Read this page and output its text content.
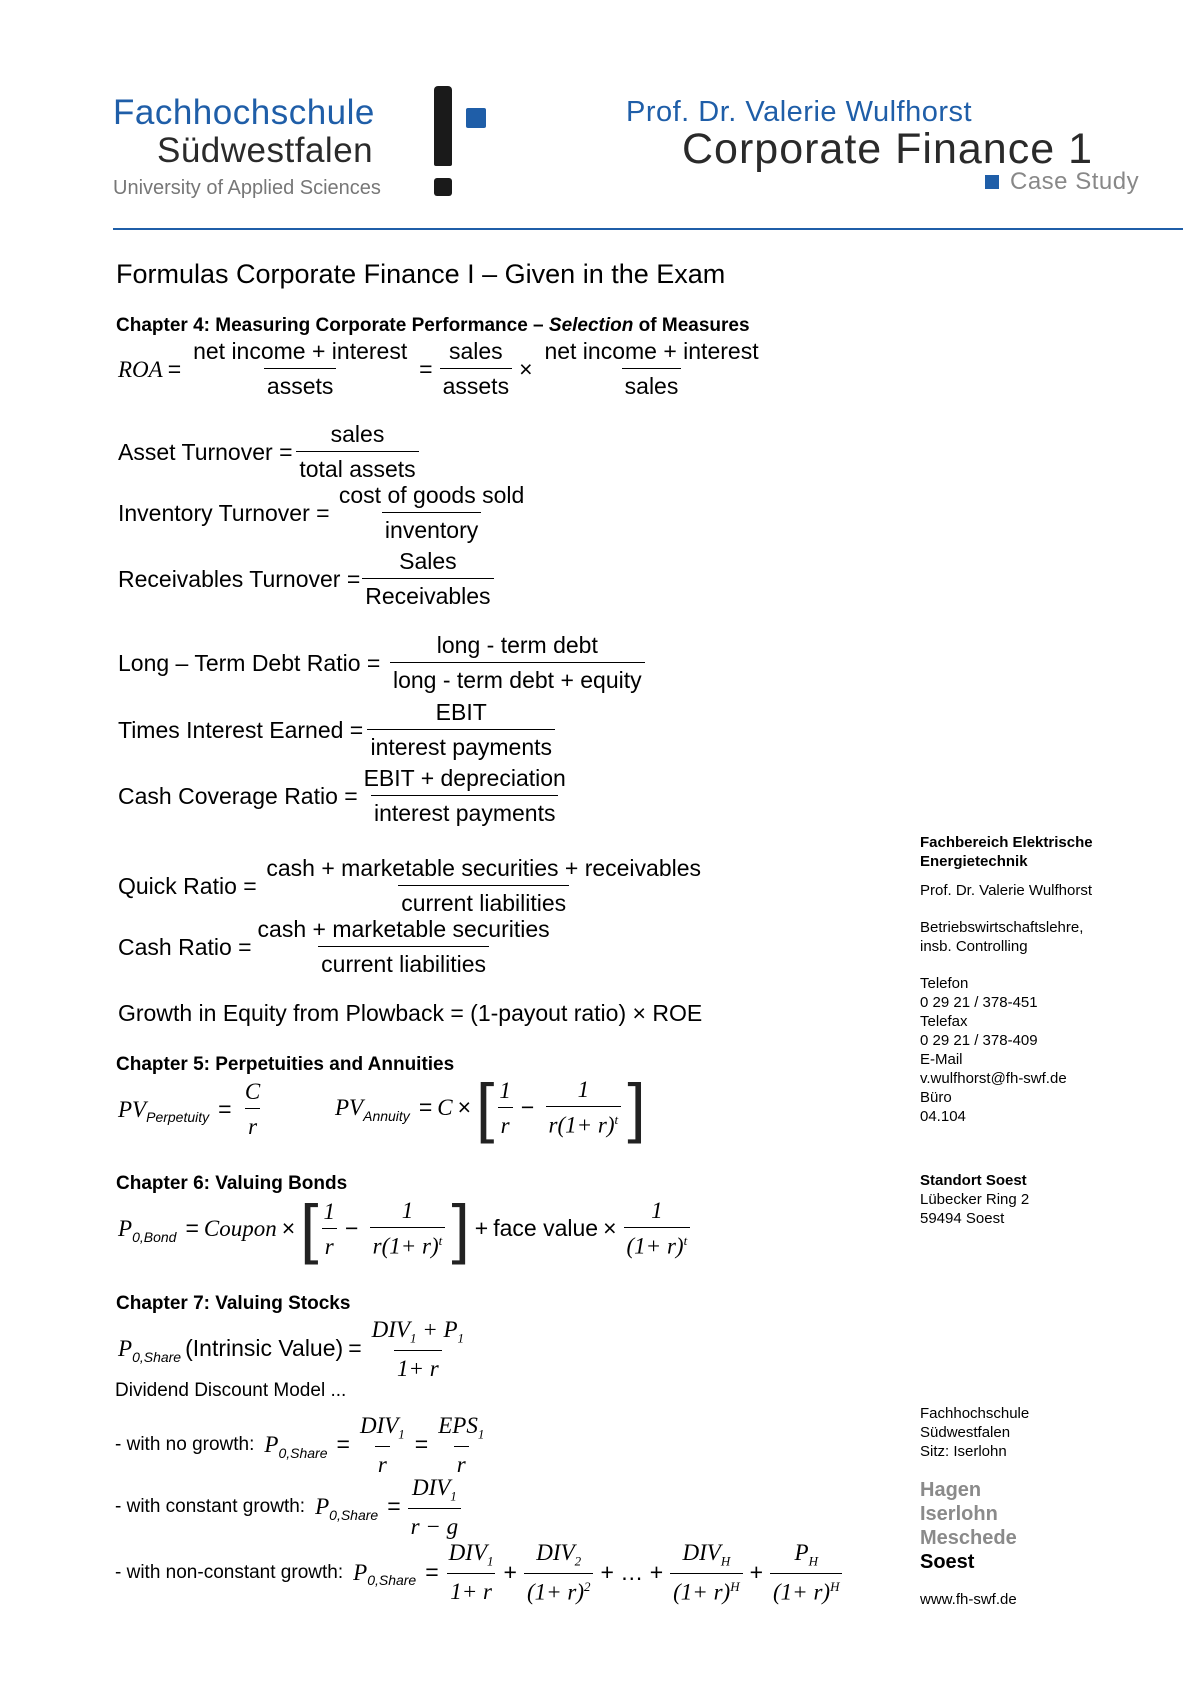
Fachhochschule
Südwestfalen
University of Applied Sciences
Prof. Dr. Valerie Wulfhorst
Corporate Finance 1
Case Study
Formulas Corporate Finance I – Given in the Exam
Chapter 4: Measuring Corporate Performance – Selection of Measures
ROA = $\frac{\text{net income + interest}}{\text{assets}} = \frac{\text{sales}}{\text{assets}} \times \frac{\text{net income + interest}}{\text{sales}}$
Asset Turnover = $\frac{\text{sales}}{\text{total assets}}$
Inventory Turnover = $\frac{\text{cost of goods sold}}{\text{inventory}}$
Receivables Turnover = $\frac{\text{Sales}}{\text{Receivables}}$
Long – Term Debt Ratio = $\frac{\text{long - term debt}}{\text{long - term debt + equity}}$
Times Interest Earned = $\frac{\text{EBIT}}{\text{interest payments}}$
Cash Coverage Ratio = $\frac{\text{EBIT + depreciation}}{\text{interest payments}}$
Quick Ratio = $\frac{\text{cash + marketable securities + receivables}}{\text{current liabilities}}$
Cash Ratio = $\frac{\text{cash + marketable securities}}{\text{current liabilities}}$
Growth in Equity from Plowback = (1-payout ratio) × ROE
Chapter 5: Perpetuities and Annuities
PV Perpetuity = $\frac{C}{r}$	PV Annuity = C × [ $\frac{1}{r} - \frac{1}{r(1+ r)^t}$ ]
Chapter 6: Valuing Bonds
P 0,Bond = Coupon × [ $\frac{1}{r} - \frac{1}{r(1+ r)^t}$ ] + face value × $\frac{1}{(1+ r)^t}$
Chapter 7: Valuing Stocks
P 0,Share (Intrinsic Value) = $\frac{DIV_1 + P_1}{1+ r}$
Dividend Discount Model ...
- with no growth: P 0,Share = $\frac{DIV_1}{r} = \frac{EPS_1}{r}$
- with constant growth: P 0,Share = $\frac{DIV_1}{r - g}$
- with non-constant growth: P 0,Share = $\frac{DIV_1}{1+ r} + \frac{DIV_2}{(1+ r)^2}$ + … + $\frac{DIV_H}{(1+ r)^H} + \frac{P_H}{(1+ r)^H}$

Fachbereich Elektrische Energietechnik

Prof. Dr. Valerie Wulfhorst

Betriebswirtschaftslehre,

insb. Controlling

Telefon

0 29 21 / 378-451

Telefax

0 29 21 / 378-409

E-Mail

v.wulfhorst@fh-swf.de

Büro

04.104

Standort Soest

Lübecker Ring 2

59494 Soest

Fachhochschule

Südwestfalen

Sitz: Iserlohn

Hagen
Iserlohn
Meschede
Soest
www.fh-swf.de
